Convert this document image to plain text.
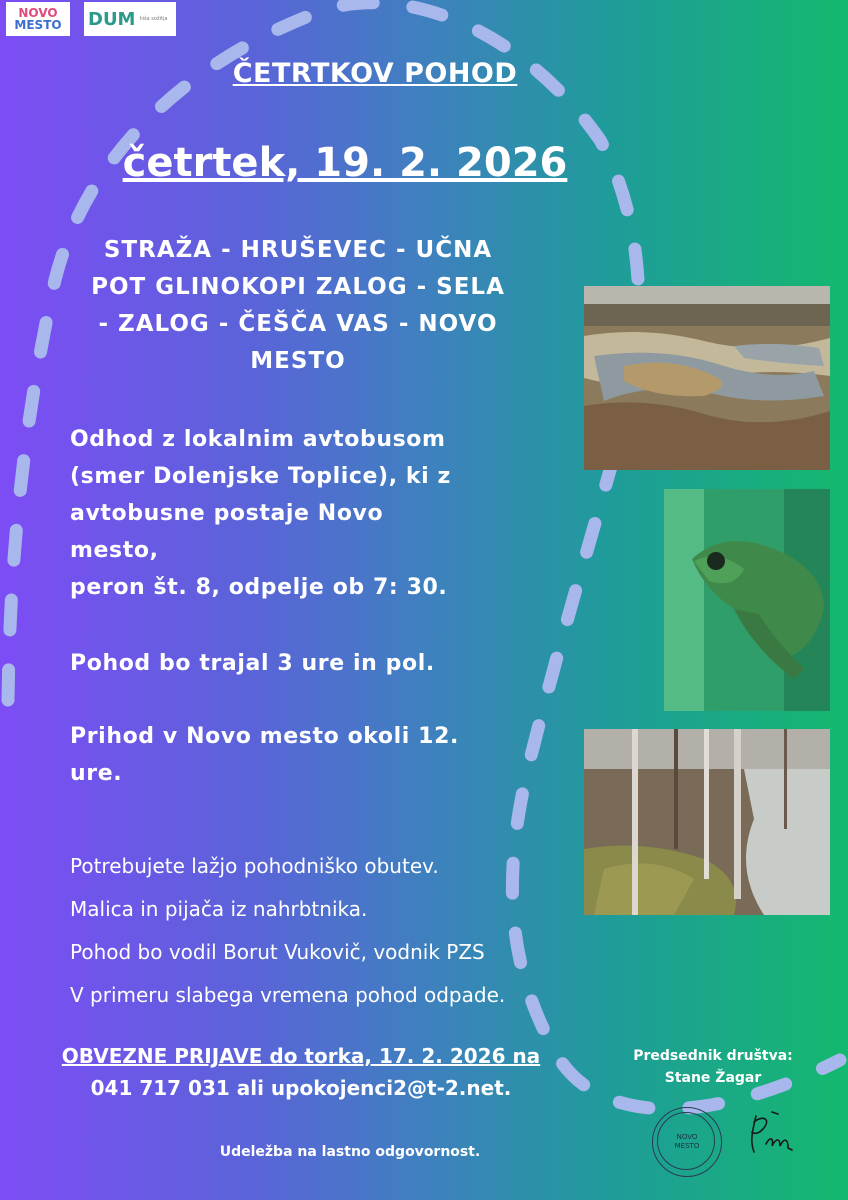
NOVO
MESTO DUM hiša sožitja
ČETRTKOV POHOD
četrtek, 19. 2. 2026
STRAŽA - HRUŠEVEC - UČNA
POT GLINOKOPI ZALOG - SELA
- ZALOG - ČEŠČA VAS - NOVO
MESTO
Odhod z lokalnim avtobusom
(smer Dolenjske Toplice), ki z
avtobusne postaje Novo
mesto,
peron št. 8, odpelje ob 7: 30.
Pohod bo trajal 3 ure in pol.
Prihod v Novo mesto okoli 12.
ure.
Potrebujete lažjo pohodniško obutev.
Malica in pijača iz nahrbtnika.
Pohod bo vodil Borut Vukovič, vodnik PZS
V primeru slabega vremena pohod odpade.
OBVEZNE PRIJAVE do torka, 17. 2. 2026 na
041 717 031 ali upokojenci2@t-2.net.
Predsednik društva:
Stane Žagar
NOVO
MESTO
Udeležba na lastno odgovornost.
